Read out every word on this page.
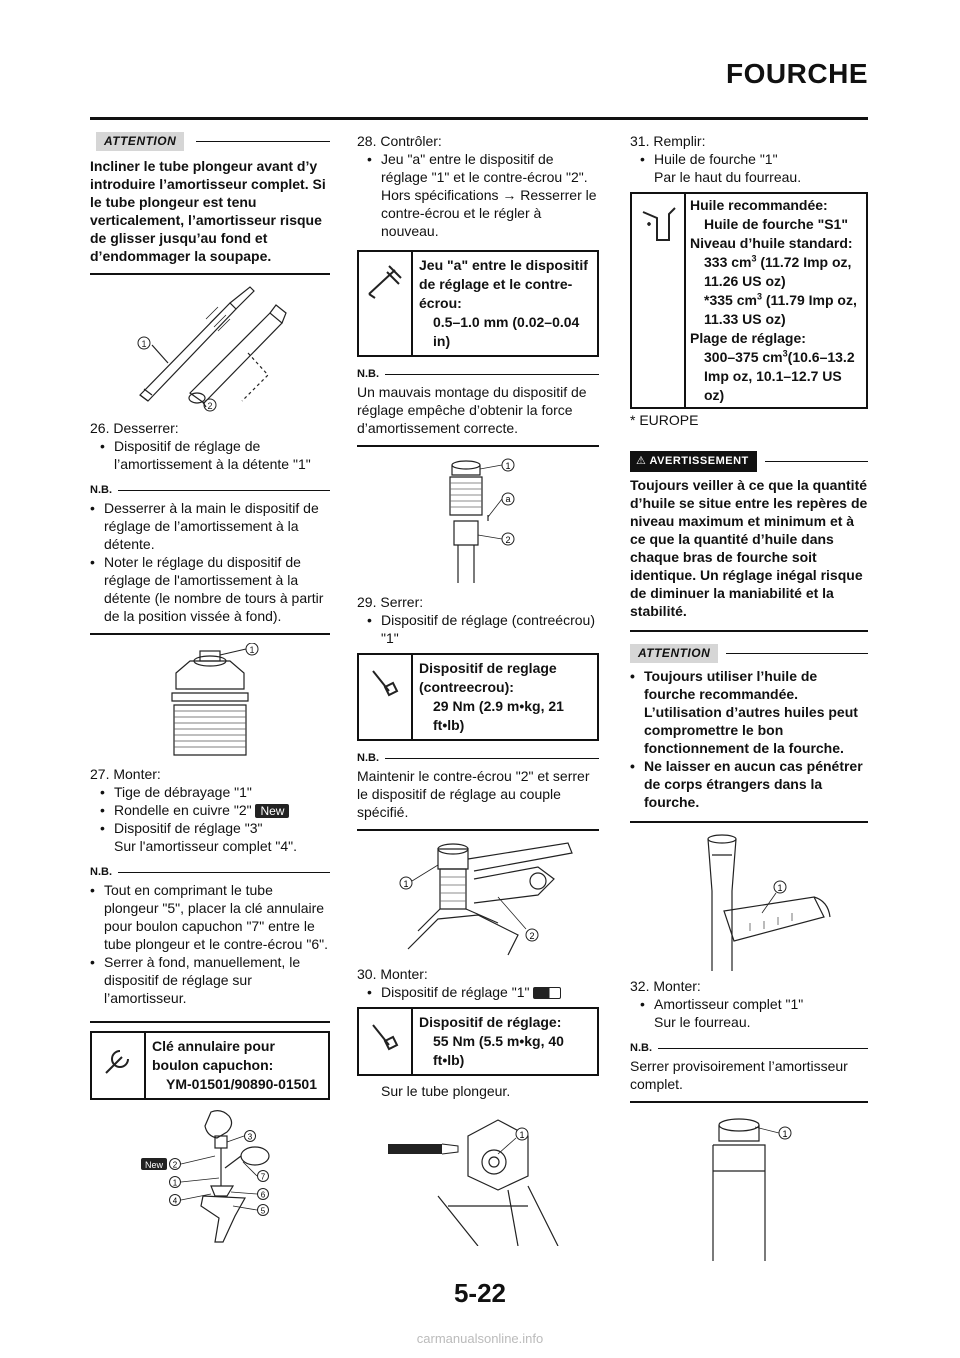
FOURCHE
ATTENTION

Incliner le tube plongeur avant d’y introduire l’amortisseur complet. Si le tube plongeur est tenu verticalement, l’amortisseur risque de glisser jusqu’au fond et d’endommager la soupape.

1
2

26. Desserrer:

• Dispositif de réglage de l’amortissement à la détente "1"

N.B.

• Desserrer à la main le dispositif de réglage de l’amortissement à la détente.

• Noter le réglage du dispositif de réglage de l'amortissement à la détente (le nombre de tours à partir de la position vissée à fond).

1

27. Monter:

• Tige de débrayage "1"

• Rondelle en cuivre "2" New

• Dispositif de réglage "3"

Sur l'amortisseur complet "4".

N.B.

• Tout en comprimant le tube plongeur "5", placer la clé annulaire pour boulon capuchon "7" entre le tube plongeur et le contre-écrou "6".

• Serrer à fond, manuellement, le dispositif de réglage sur l’amortisseur.

Clé annulaire pour boulon capuchon:
YM-01501/90890-01501
New 2
3
1
4
7
6
5

28. Contrôler:

• Jeu "a" entre le dispositif de réglage "1" et le contre-écrou "2".

Hors spécifications → Resserrer le contre-écrou et le régler à nouveau.

Jeu "a" entre le dispositif de réglage et le contre-écrou:
0.5–1.0 mm (0.02–0.04 in)
N.B.

Un mauvais montage du dispositif de réglage empêche d’obtenir la force d’amortissement correcte.

1
a
2

29. Serrer:

• Dispositif de réglage (contreécrou) "1"

Dispositif de reglage (contreecrou):
29 Nm (2.9 m•kg, 21 ft•lb)
N.B.

Maintenir le contre-écrou "2" et serrer le dispositif de réglage au couple spécifié.

1
2

30. Monter:

• Dispositif de réglage "1"

Dispositif de réglage:
55 Nm (5.5 m•kg, 40 ft•lb)

Sur le tube plongeur.

1

31. Remplir:

• Huile de fourche "1"

Par le haut du fourreau.

Huile recommandée:
Huile de fourche "S1"
Niveau d’huile standard:
333 $cm^3$ (11.72 Imp oz, 11.26 US oz)
*335 $cm^3$ (11.79 Imp oz, 11.33 US oz)
Plage de réglage:
300–375 $cm^3(10.6-13.2$ Imp oz, 10.1–12.7 US oz)

* EUROPE

⚠ AVERTISSEMENT

Toujours veiller à ce que la quantité d’huile se situe entre les repères de niveau maximum et minimum et à ce que la quantité d’huile dans chaque bras de fourche soit identique. Un réglage inégal risque de diminuer la maniabilité et la stabilité.

ATTENTION

• Toujours utiliser l’huile de fourche recommandée. L’utilisation d’autres huiles peut compromettre le bon fonctionnement de la fourche.

• Ne laisser en aucun cas pénétrer de corps étrangers dans la fourche.

1

32. Monter:

• Amortisseur complet "1"

Sur le fourreau.

N.B.

Serrer provisoirement l’amortisseur complet.

1
5-22
carmanualsonline.info
